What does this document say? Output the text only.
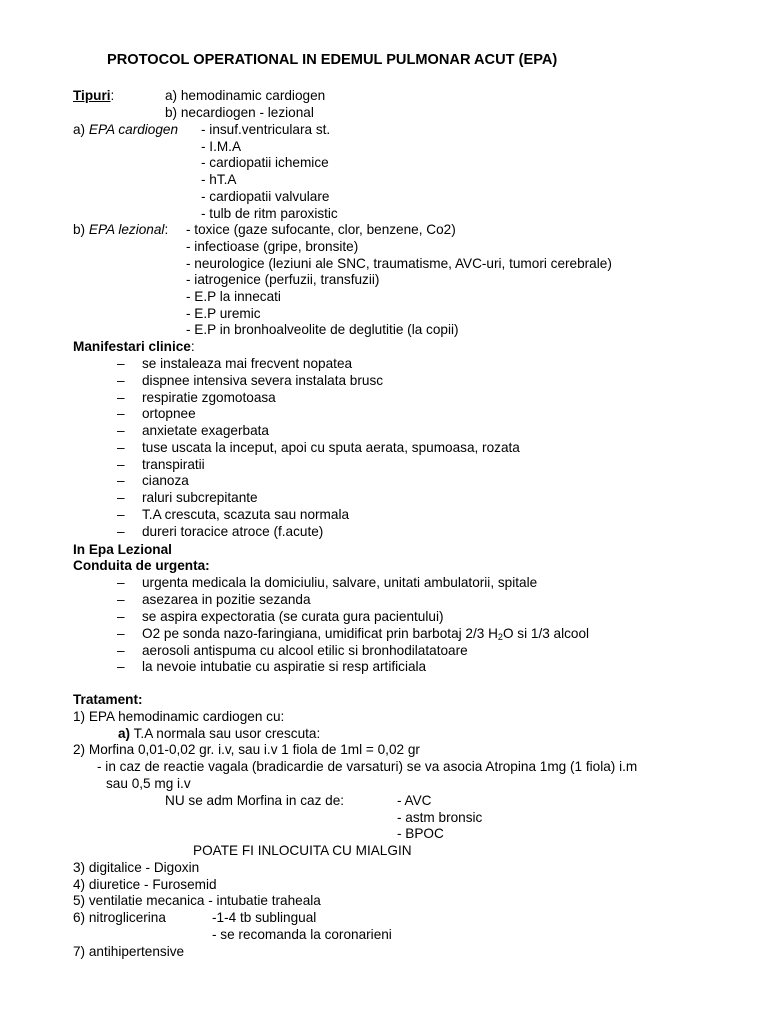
PROTOCOL OPERATIONAL IN EDEMUL PULMONAR ACUT (EPA)
Tipuri:	a) hemodinamic cardiogen
b) necardiogen - lezional
a) EPA cardiogen - insuf.ventriculara st.
- I.M.A
- cardiopatii ichemice
- hT.A
- cardiopatii valvulare
- tulb de ritm paroxistic
b) EPA lezional: - toxice (gaze sufocante, clor, benzene, Co2)
- infectioase (gripe, bronsite)
- neurologice (leziuni ale SNC, traumatisme, AVC-uri, tumori cerebrale)
- iatrogenice (perfuzii, transfuzii)
- E.P la innecati
- E.P uremic
- E.P in bronhoalveolite de deglutitie (la copii)
Manifestari clinice:
– se instaleaza mai frecvent nopatea
– dispnee intensiva severa instalata brusc
– respiratie zgomotoasa
– ortopnee
– anxietate exagerbata
– tuse uscata la inceput, apoi cu sputa aerata, spumoasa, rozata
– transpiratii
– cianoza
– raluri subcrepitante
– T.A crescuta, scazuta sau normala
– dureri toracice atroce (f.acute)
In Epa Lezional
Conduita de urgenta:
– urgenta medicala la domiciuliu, salvare, unitati ambulatorii, spitale
– asezarea in pozitie sezanda
– se aspira expectoratia (se curata gura pacientului)
– O2 pe sonda nazo-faringiana, umidificat prin barbotaj 2/3 $H_2O$ si 1/3 alcool
– aerosoli antispuma cu alcool etilic si bronhodilatatoare
– la nevoie intubatie cu aspiratie si resp artificiala
Tratament:
1) EPA hemodinamic cardiogen cu:
a) T.A normala sau usor crescuta:
2) Morfina 0,01-0,02 gr. i.v, sau i.v 1 fiola de 1ml = 0,02 gr
- in caz de reactie vagala (bradicardie de varsaturi) se va asocia Atropina 1mg (1 fiola) i.m
sau 0,5 mg i.v
NU se adm Morfina in caz de:	- AVC
- astm bronsic
- BPOC
POATE FI INLOCUITA CU MIALGIN
3) digitalice - Digoxin
4) diuretice - Furosemid
5) ventilatie mecanica - intubatie traheala
6) nitroglicerina	-1-4 tb sublingual
- se recomanda la coronarieni
7) antihipertensive
